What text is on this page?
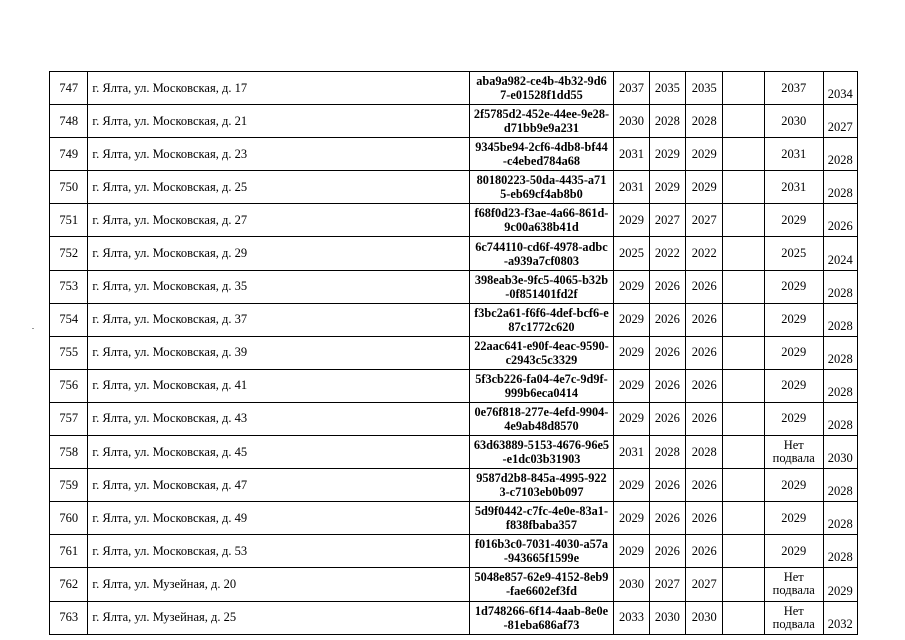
747	г. Ялта, ул. Московская, д. 17	aba9a982-ce4b-4b32-9d67-e01528f1dd55	2037	2035	2035		2037	2034
748	г. Ялта, ул. Московская, д. 21	2f5785d2-452e-44ee-9e28-d71bb9e9a231	2030	2028	2028		2030	2027
749	г. Ялта, ул. Московская, д. 23	9345be94-2cf6-4db8-bf44-c4ebed784a68	2031	2029	2029		2031	2028
750	г. Ялта, ул. Московская, д. 25	80180223-50da-4435-a715-eb69cf4ab8b0	2031	2029	2029		2031	2028
751	г. Ялта, ул. Московская, д. 27	f68f0d23-f3ae-4a66-861d-9c00a638b41d	2029	2027	2027		2029	2026
752	г. Ялта, ул. Московская, д. 29	6c744110-cd6f-4978-adbc-a939a7cf0803	2025	2022	2022		2025	2024
753	г. Ялта, ул. Московская, д. 35	398eab3e-9fc5-4065-b32b-0f851401fd2f	2029	2026	2026		2029	2028
754	г. Ялта, ул. Московская, д. 37	f3bc2a61-f6f6-4def-bcf6-e87c1772c620	2029	2026	2026		2029	2028
755	г. Ялта, ул. Московская, д. 39	22aac641-e90f-4eac-9590-c2943c5c3329	2029	2026	2026		2029	2028
756	г. Ялта, ул. Московская, д. 41	5f3cb226-fa04-4e7c-9d9f-999b6eca0414	2029	2026	2026		2029	2028
757	г. Ялта, ул. Московская, д. 43	0e76f818-277e-4efd-9904-4e9ab48d8570	2029	2026	2026		2029	2028
758	г. Ялта, ул. Московская, д. 45	63d63889-5153-4676-96e5-e1dc03b31903	2031	2028	2028		Нет подвала	2030
759	г. Ялта, ул. Московская, д. 47	9587d2b8-845a-4995-9223-c7103eb0b097	2029	2026	2026		2029	2028
760	г. Ялта, ул. Московская, д. 49	5d9f0442-c7fc-4e0e-83a1-f838fbaba357	2029	2026	2026		2029	2028
761	г. Ялта, ул. Московская, д. 53	f016b3c0-7031-4030-a57a-943665f1599e	2029	2026	2026		2029	2028
762	г. Ялта, ул. Музейная, д. 20	5048e857-62e9-4152-8eb9-fae6602ef3fd	2030	2027	2027		Нет подвала	2029
763	г. Ялта, ул. Музейная, д. 25	1d748266-6f14-4aab-8e0e-81eba686af73	2033	2030	2030		Нет подвала	2032
